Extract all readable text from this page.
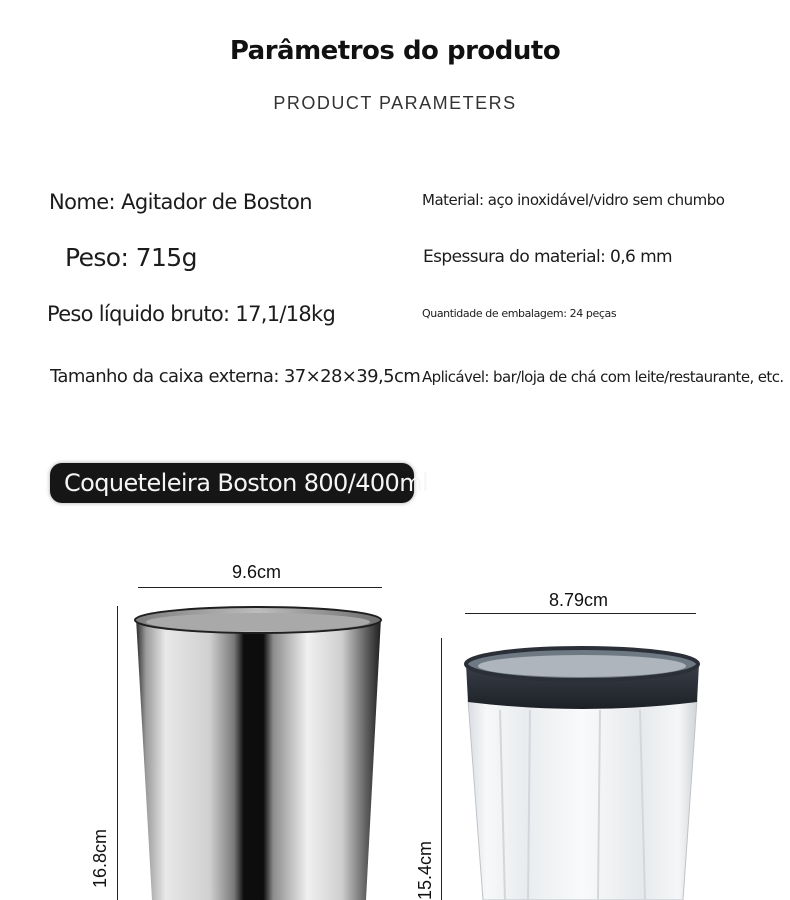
Parâmetros do produto
PRODUCT PARAMETERS
Nome: Agitador de Boston
Peso: 715g
Peso líquido bruto: 17,1/18kg
Tamanho da caixa externa: 37×28×39,5cm
Material: aço inoxidável/vidro sem chumbo
Espessura do material: 0,6 mm
Quantidade de embalagem: 24 peças
Aplicável: bar/loja de chá com leite/restaurante, etc.
Coqueteleira Boston 800/400ml
9.6cm
16.8cm
8.79cm
15.4cm
